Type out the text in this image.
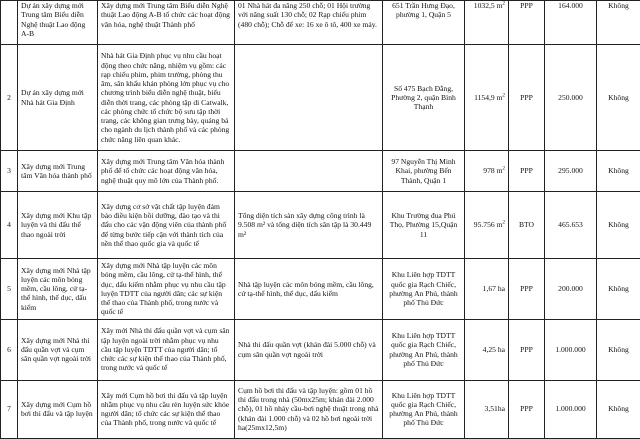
	Dự án xây dựng mới Trung tâm Biểu diễn Nghệ thuật Lao động A-B	Xây dựng mới Trung tâm Biểu diễn Nghệ thuật Lao động A-B tổ chức các hoạt động văn hóa, nghệ thuật Thành phố	01 Nhà hát đa năng 250 chỗ; 01 Hội trường với năng suất 130 chỗ; 02 Rạp chiếu phim (480 chỗ); Chỗ để xe: 16 xe ô tô, 400 xe máy.	651 Trần Hưng Đạo, phường 1, Quận 5	1032,5 $m^2$	PPP	164.000	Không
2	Dự án xây dựng mới Nhà hát Gia Định	Nhà hát Gia Định phục vụ nhu cầu hoạt động theo chức năng, nhiệm vụ gồm: các rạp chiếu phim, phim trường, phòng thu âm, sân khấu khán phòng lớn phục vụ cho chương trình biểu diễn nghệ thuật, biểu diễn thời trang, các phòng tập di Catwalk, các phòng chức tổ chức bộ sưu tập thời trang, các không gian trưng bày, quảng bá cho ngành du lịch thành phố và các phòng chức năng liên quan khác.		Số 475 Bạch Đằng, Phường 2, quận Bình Thạnh	1154,9 $m^2$	PPP	250.000	Không
3	Xây dựng mới Trung tâm Văn hóa thành phố	Xây dựng mới Trung tâm Văn hóa thành phố để tổ chức các hoạt động văn hóa, nghệ thuật quy mô lớn của Thành phố.		97 Nguyễn Thị Minh Khai, phường Bến Thành, Quận 1	978 $m^2$	PPP	295.000	Không
4	Xây dựng mới Khu tập luyện và thi đấu thể thao ngoài trời	Xây dựng cơ sở vật chất tập luyện đảm bảo điều kiện bồi dưỡng, đào tạo và thi đấu cho các vận động viên của thành phố để từng bước tiếp cận với thành tích của nền thể thao quốc gia và quốc tế	Tổng diện tích sàn xây dựng công trình là 9.508 m² và tổng diện tích sân tập là 30.449 m²	Khu Trường đua Phú Thọ, Phường 15,Quận 11	95.756 $m^2$	BTO	465.653	Không
5	Xây dựng mới Nhà tập luyện các môn bóng mềm, cầu lông, cử tạ-thể hình, thể dục, dấu kiếm	Xây dựng mới Nhà tập luyện các môn bóng mềm, cầu lông, cử tạ-thể hình, thể dục, dấu kiếm nhằm phục vụ nhu cầu tập luyện TDTT của người dân; các sự kiện thể thao của Thành phố, trong nước và quốc tế	Nhà tập luyện các môn bóng mềm, cầu lông, cử tạ-thể hình, thể dục, dấu kiếm	Khu Liên hợp TDTT quốc gia Rạch Chiếc, phường An Phú, thành phố Thủ Đức	1,67 ha	PPP	200.000	Không
6	Xây dựng mới Nhà thi đấu quần vợt và cụm sân quần vợt ngoài trời	Xây mới Nhà thi đấu quần vợt và cụm sân tập luyện ngoài trời nhằm phục vụ nhu cầu tập luyện TDTT của người dân; tổ chức các sự kiện thể thao của Thành phố, trong nước và quốc tế	Nhà thi đấu quần vợt (khán đài 5.000 chỗ) và cụm sân quần vợt ngoài trời	Khu Liên hợp TDTT quốc gia Rạch Chiếc, phường An Phú, thành phố Thủ Đức	4,25 ha	PPP	1.000.000	Không
7	Xây dựng mới Cụm hồ bơi thi đấu và tập luyện	Xây mới Cụm hồ bơi thi đấu và tập luyện nhằm phục vụ nhu cầu rèn luyện sức khỏe người dân; tổ chức các sự kiện thể thao của Thành phố, trong nước và quốc tế	Cụm hồ bơi thi đấu và tập luyện: gồm 01 hồ thi đấu trong nhà (50mx25m; khán đài 2.000 chỗ), 01 hồ nhảy cầu-bơi nghệ thuật trong nhà (khán đài 1.000 chỗ) và 02 hồ bơi ngoài trời ha(25mx12,5m)	Khu Liên hợp TDTT quốc gia Rạch Chiếc, phường An Phú, thành phố Thủ Đức	3,51ha	PPP	1.000.000	Không
